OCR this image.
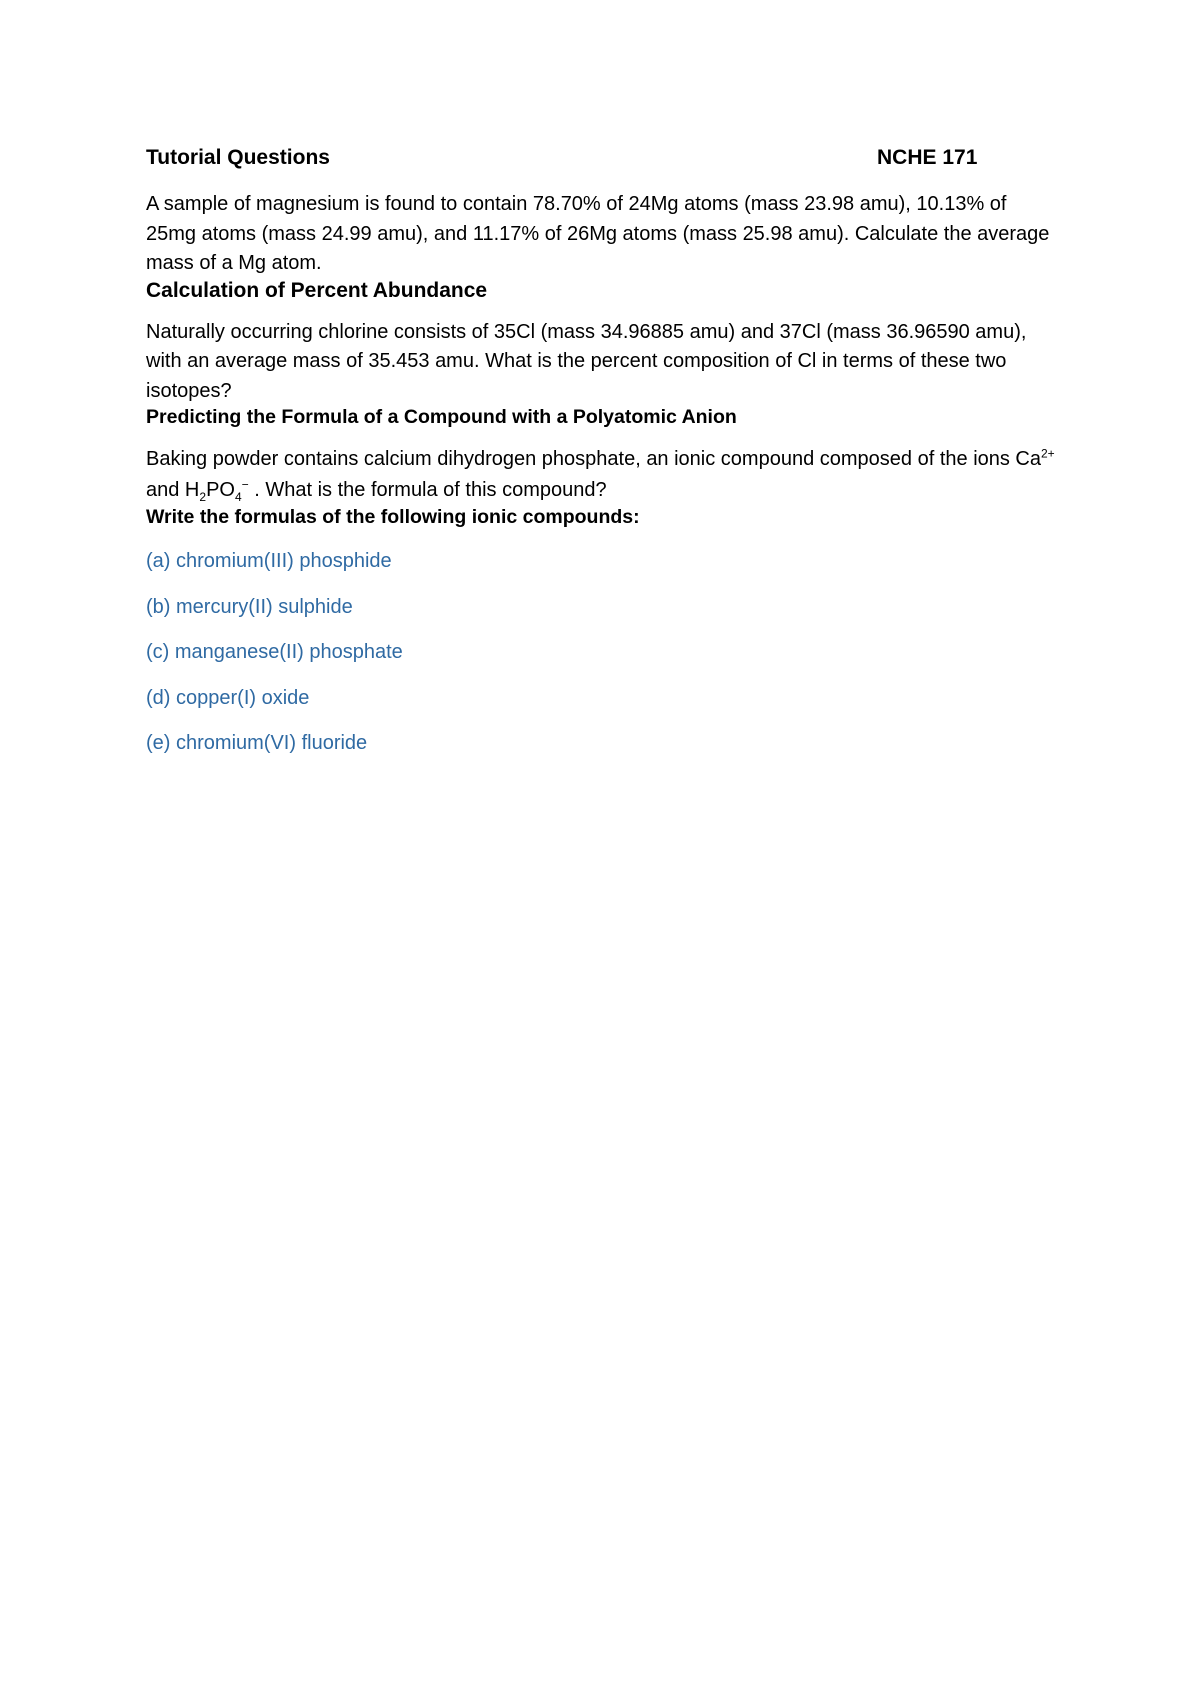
Tutorial Questions	NCHE 171

A sample of magnesium is found to contain 78.70% of 24Mg atoms (mass 23.98 amu), 10.13% of 25mg atoms (mass 24.99 amu), and 11.17% of 26Mg atoms (mass 25.98 amu). Calculate the average mass of a Mg atom.

Calculation of Percent Abundance

Naturally occurring chlorine consists of 35Cl (mass 34.96885 amu) and 37Cl (mass 36.96590 amu), with an average mass of 35.453 amu. What is the percent composition of Cl in terms of these two isotopes?

Predicting the Formula of a Compound with a Polyatomic Anion

Baking powder contains calcium dihydrogen phosphate, an ionic compound composed of the ions $Ca^{2+}$ and $H_2PO_4^-$ . What is the formula of this compound?

Write the formulas of the following ionic compounds:
(a) chromium(III) phosphide
(b) mercury(II) sulphide
(c) manganese(II) phosphate
(d) copper(I) oxide
(e) chromium(VI) fluoride
